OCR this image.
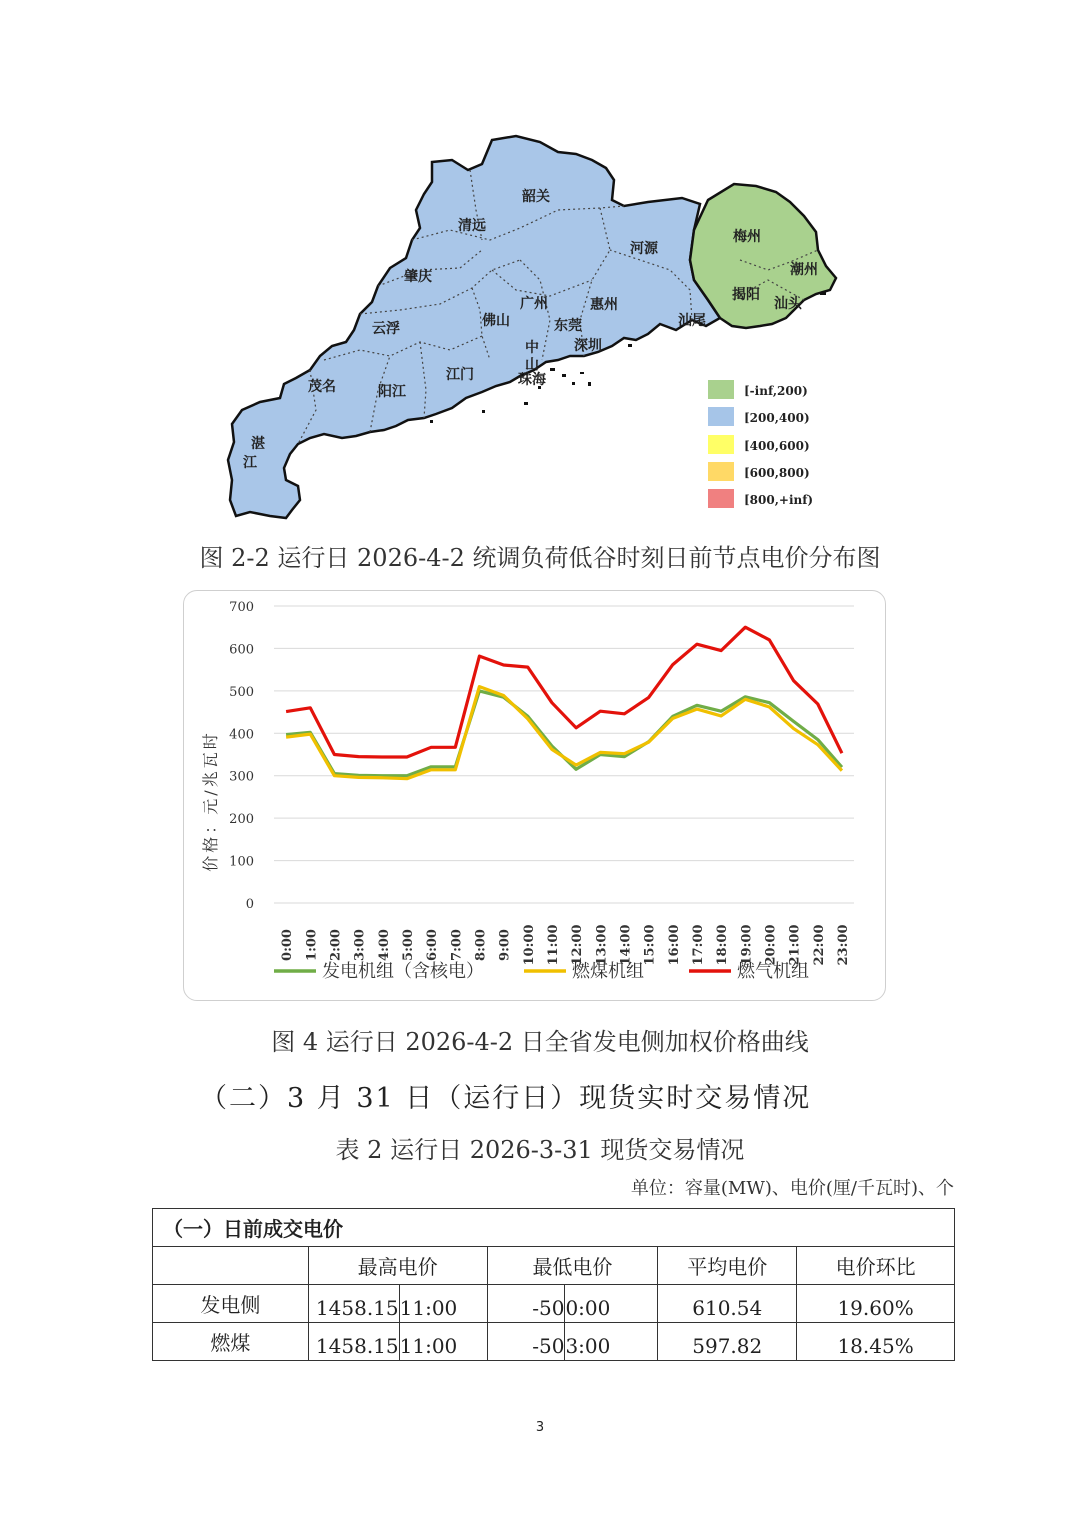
韶关
清远
河源
梅州
肇庆
广州	惠州
潮州
揭阳
汕头
佛山
云浮	东莞	汕尾
中
山
深圳
珠海
茂名
江门
阳江
湛
江
[-inf,200)
[200,400)
[400,600)
[600,800)
[800,+inf)
图 2-2 运行日 2026-4-2 统调负荷低谷时刻日前节点电价分布图
0
100
200
300
400
500
600
700
0:00 1:00 2:00 3:00 4:00 5:00 6:00 7:00 8:00 9:00 10:00 11:00 12:00 13:00 14:00 15:00 16:00 17:00 18:00 19:00 20:00 21:00 22:00 23:00
价格：元/兆瓦时
发电机组（含核电）	燃煤机组	燃气机组
图 4 运行日 2026-4-2 日全省发电侧加权价格曲线
（二）3 月 31 日（运行日）现货实时交易情况
表 2 运行日 2026-3-31 现货交易情况
单位：容量(MW)、电价(厘/千瓦时)、个
（一）日前成交电价						
	最高电价		最低电价		平均电价	电价环比
发电侧	1458.15	11:00	-50	0:00	610.54	19.60%
燃煤	1458.15	11:00	-50	3:00	597.82	18.45%
3
